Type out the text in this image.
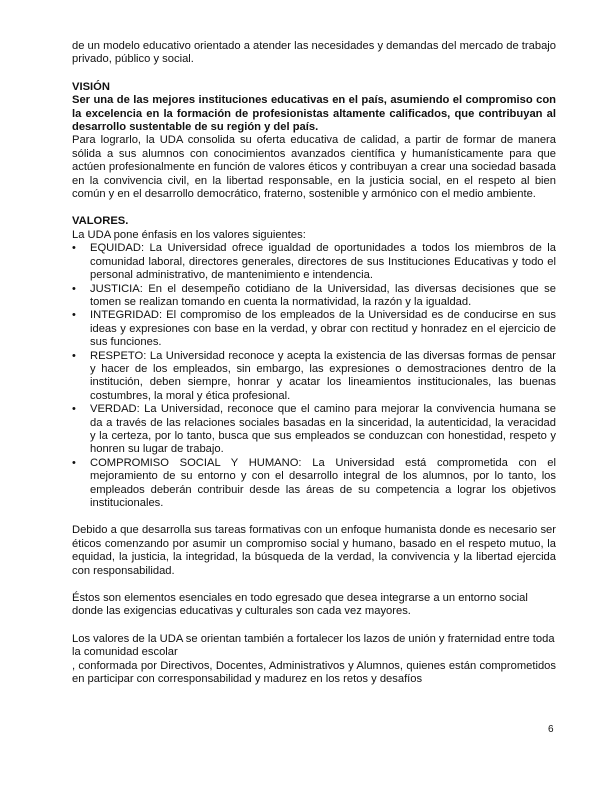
de un modelo educativo orientado a atender las necesidades y demandas del mercado de trabajo privado, público y social.

VISIÓN

Ser una de las mejores instituciones educativas en el país, asumiendo el compromiso con la excelencia en la formación de profesionistas altamente calificados, que contribuyan al desarrollo sustentable de su región y del país.

Para lograrlo, la UDA consolida su oferta educativa de calidad, a partir de formar de manera sólida a sus alumnos con conocimientos avanzados científica y humanísticamente para que actúen profesionalmente en función de valores éticos y contribuyan a crear una sociedad basada en la convivencia civil, en la libertad responsable, en la justicia social, en el respeto al bien común y en el desarrollo democrático, fraterno, sostenible y armónico con el medio ambiente.

VALORES.

La UDA pone énfasis en los valores siguientes:

•	EQUIDAD: La Universidad ofrece igualdad de oportunidades a todos los miembros de la comunidad laboral, directores generales, directores de sus Instituciones Educativas y todo el personal administrativo, de mantenimiento e intendencia.
•	JUSTICIA: En el desempeño cotidiano de la Universidad, las diversas decisiones que se tomen se realizan tomando en cuenta la normatividad, la razón y la igualdad.
•	INTEGRIDAD: El compromiso de los empleados de la Universidad es de conducirse en sus ideas y expresiones con base en la verdad, y obrar con rectitud y honradez en el ejercicio de sus funciones.
•	RESPETO: La Universidad reconoce y acepta la existencia de las diversas formas de pensar y hacer de los empleados, sin embargo, las expresiones o demostraciones dentro de la institución, deben siempre, honrar y acatar los lineamientos institucionales, las buenas costumbres, la moral y ética profesional.
•	VERDAD: La Universidad, reconoce que el camino para mejorar la convivencia humana se da a través de las relaciones sociales basadas en la sinceridad, la autenticidad, la veracidad y la certeza, por lo tanto, busca que sus empleados se conduzcan con honestidad, respeto y honren su lugar de trabajo.
•	COMPROMISO SOCIAL Y HUMANO: La Universidad está comprometida con el mejoramiento de su entorno y con el desarrollo integral de los alumnos, por lo tanto, los empleados deberán contribuir desde las áreas de su competencia a lograr los objetivos institucionales.

Debido a que desarrolla sus tareas formativas con un enfoque humanista donde es necesario ser éticos comenzando por asumir un compromiso social y humano, basado en el respeto mutuo, la equidad, la justicia, la integridad, la búsqueda de la verdad, la convivencia y la libertad ejercida con responsabilidad.

Éstos son elementos esenciales en todo egresado que desea integrarse a un entorno social donde las exigencias educativas y culturales son cada vez mayores.

Los valores de la UDA se orientan también a fortalecer los lazos de unión y fraternidad entre toda la comunidad escolar

, conformada por Directivos, Docentes, Administrativos y Alumnos, quienes están comprometidos en participar con corresponsabilidad y madurez en los retos y desafíos

6
